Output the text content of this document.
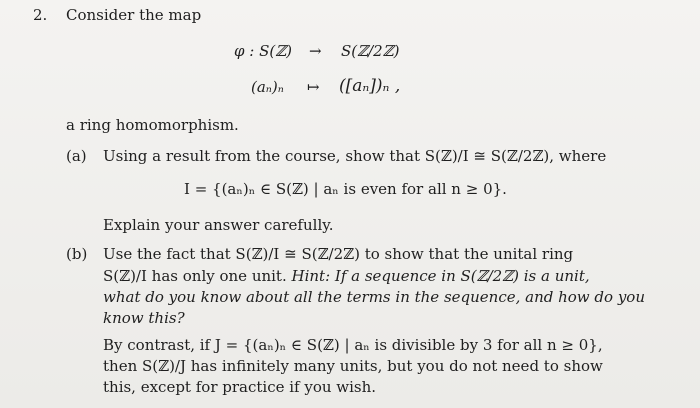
2. Consider the map
φ : S(ℤ) → S(ℤ/2ℤ)
(aₙ)ₙ ↦ ([aₙ])ₙ ,
a ring homomorphism.
(a) Using a result from the course, show that S(ℤ)/I ≅ S(ℤ/2ℤ), where
I = {(aₙ)ₙ ∈ S(ℤ) | aₙ is even for all n ≥ 0}.
Explain your answer carefully.
(b) Use the fact that S(ℤ)/I ≅ S(ℤ/2ℤ) to show that the unital ring
S(ℤ)/I has only one unit. Hint: If a sequence in S(ℤ/2ℤ) is a unit,
what do you know about all the terms in the sequence, and how do you
know this?
By contrast, if J = {(aₙ)ₙ ∈ S(ℤ) | aₙ is divisible by 3 for all n ≥ 0},
then S(ℤ)/J has infinitely many units, but you do not need to show
this, except for practice if you wish.
